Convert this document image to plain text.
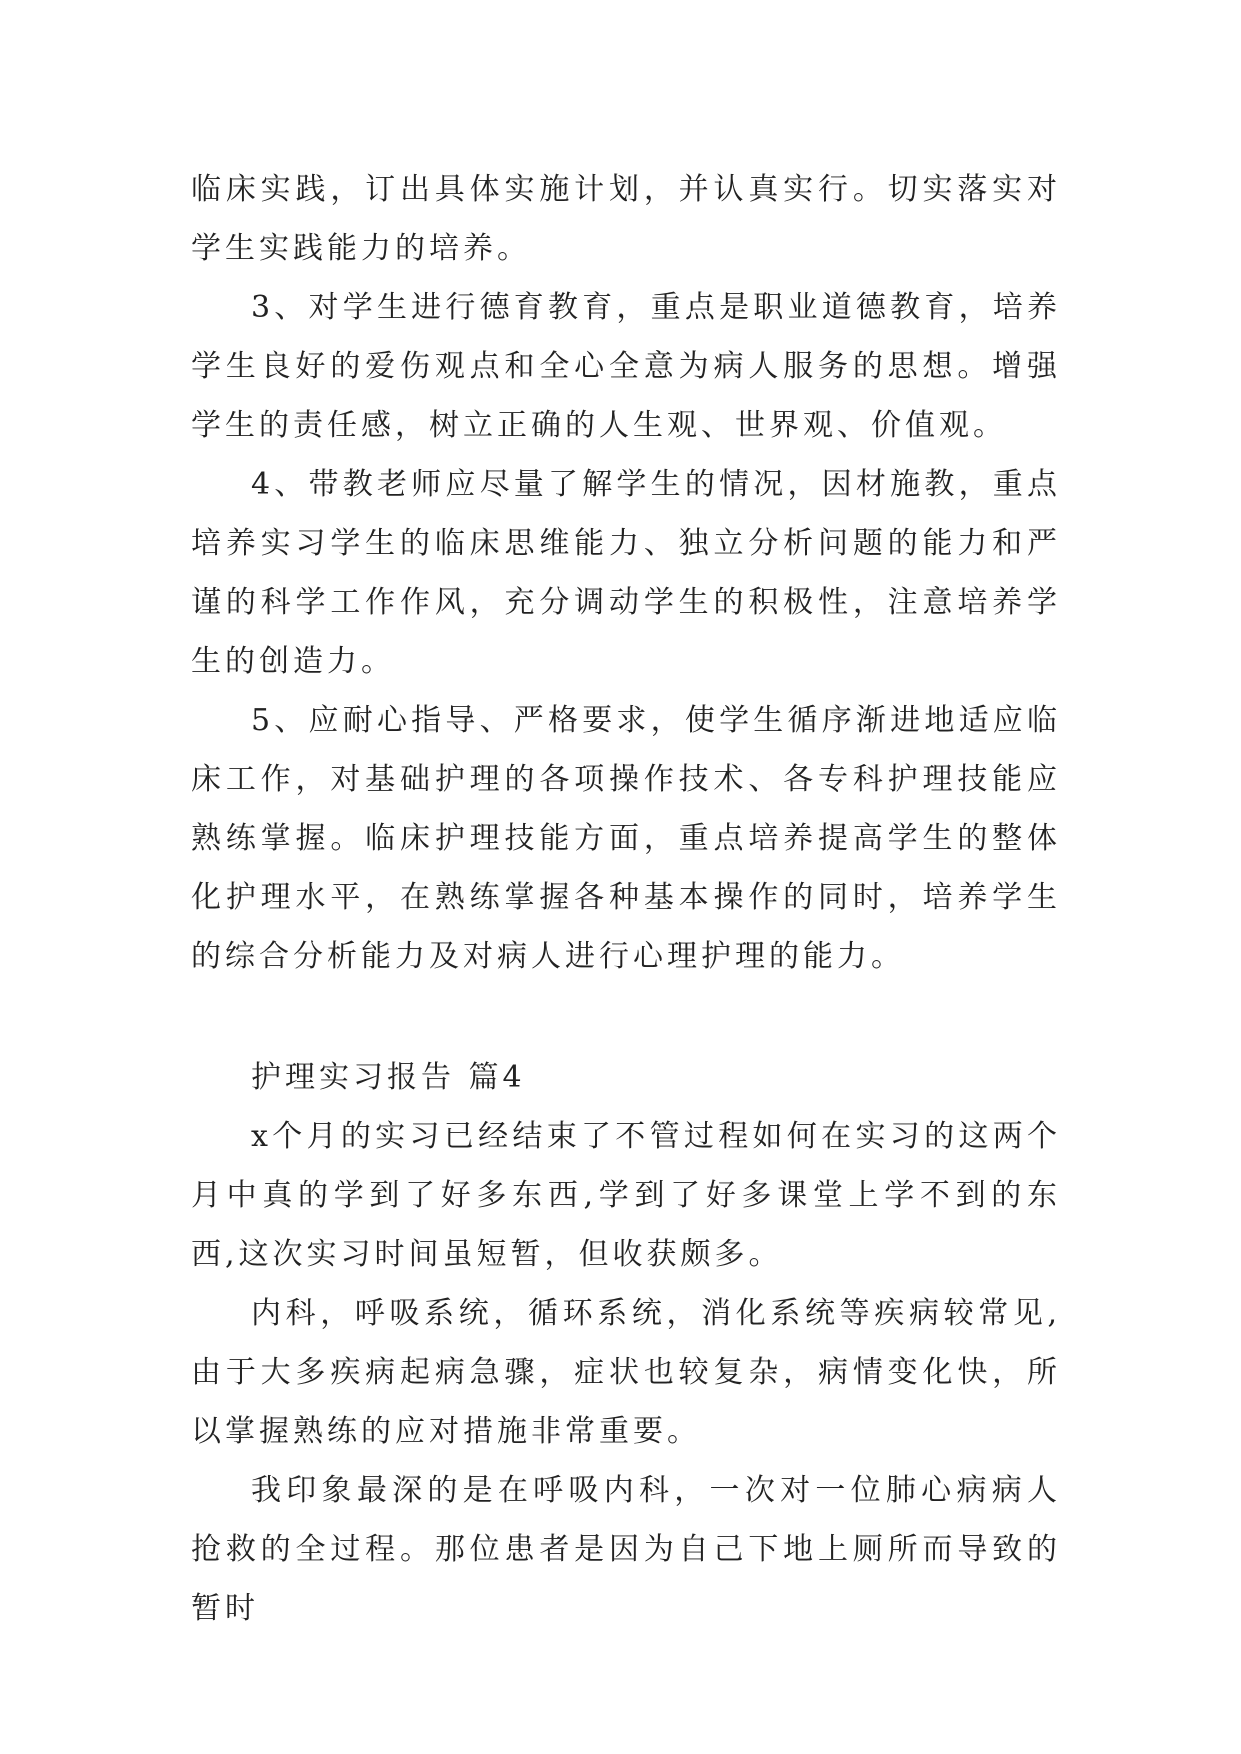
临床实践，订出具体实施计划，并认真实行。切实落实对学生实践能力的培养。

3、对学生进行德育教育，重点是职业道德教育，培养学生良好的爱伤观点和全心全意为病人服务的思想。增强学生的责任感，树立正确的人生观、世界观、价值观。

4、带教老师应尽量了解学生的情况，因材施教，重点培养实习学生的临床思维能力、独立分析问题的能力和严谨的科学工作作风，充分调动学生的积极性，注意培养学生的创造力。

5、应耐心指导、严格要求，使学生循序渐进地适应临床工作，对基础护理的各项操作技术、各专科护理技能应熟练掌握。临床护理技能方面，重点培养提高学生的整体化护理水平，在熟练掌握各种基本操作的同时，培养学生的综合分析能力及对病人进行心理护理的能力。

护理实习报告 篇4

x个月的实习已经结束了不管过程如何在实习的这两个月中真的学到了好多东西,学到了好多课堂上学不到的东西,这次实习时间虽短暂，但收获颇多。

内科，呼吸系统，循环系统，消化系统等疾病较常见,由于大多疾病起病急骤，症状也较复杂，病情变化快，所以掌握熟练的应对措施非常重要。

我印象最深的是在呼吸内科，一次对一位肺心病病人抢救的全过程。那位患者是因为自己下地上厕所而导致的暂时
